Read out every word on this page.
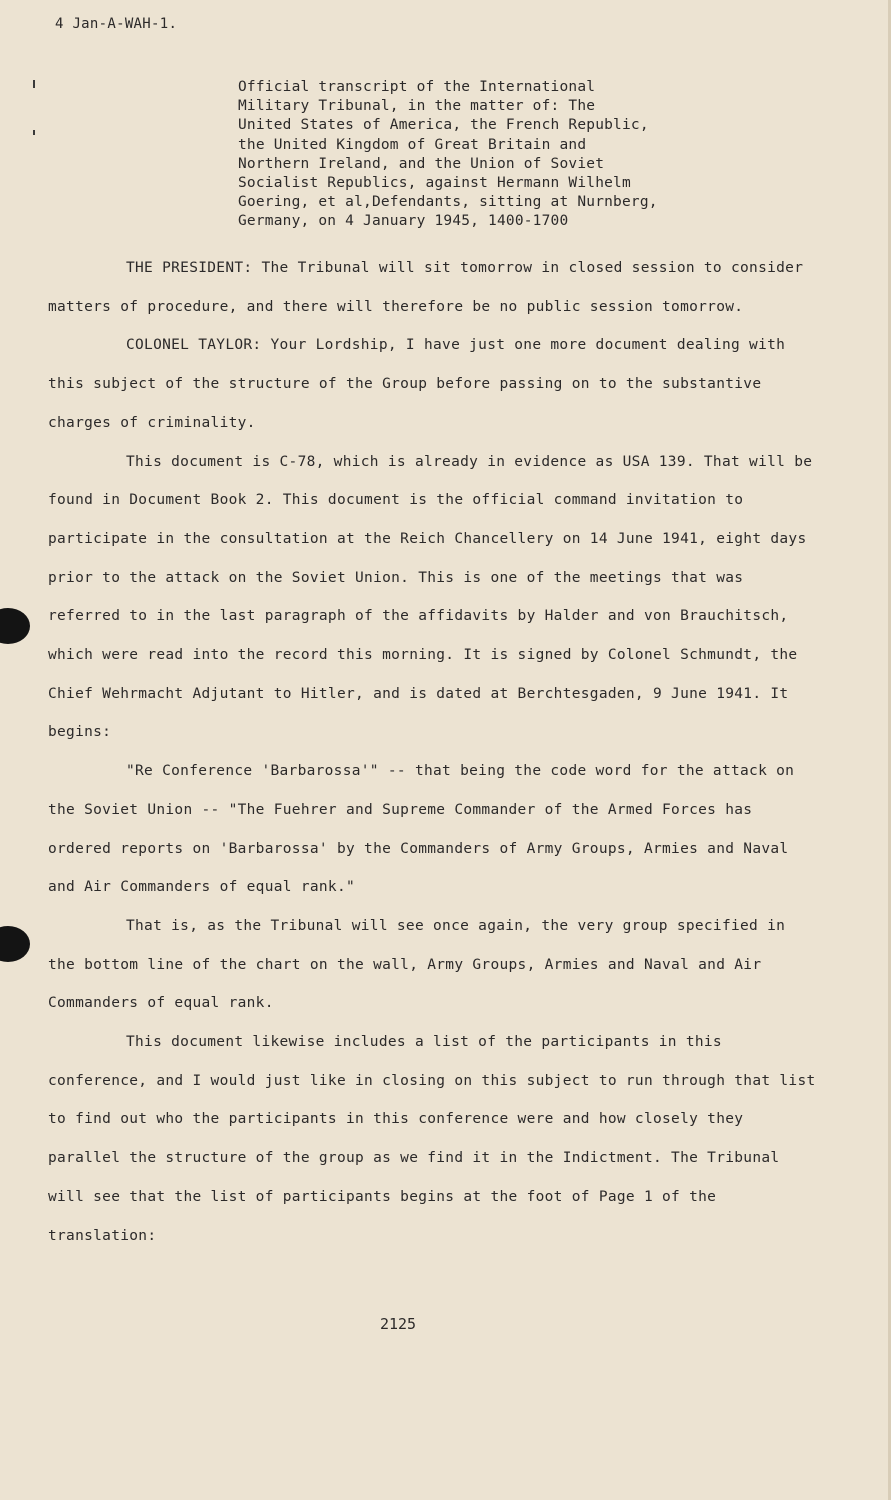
4 Jan-A-WAH-1.
Official transcript of the International
Military Tribunal, in the matter of: The
United States of America, the French Republic,
the United Kingdom of Great Britain and
Northern Ireland, and the Union of Soviet
Socialist Republics, against Hermann Wilhelm
Goering, et al,Defendants, sitting at Nurnberg,
Germany, on 4 January 1945, 1400-1700

THE PRESIDENT: The Tribunal will sit tomorrow in closed session to consider matters of procedure, and there will therefore be no public session tomorrow.

COLONEL TAYLOR: Your Lordship, I have just one more document dealing with this subject of the structure of the Group before passing on to the substantive charges of criminality.

This document is C-78, which is already in evidence as USA 139. That will be found in Document Book 2. This document is the official command invitation to participate in the consultation at the Reich Chancellery on 14 June 1941, eight days prior to the attack on the Soviet Union. This is one of the meetings that was referred to in the last paragraph of the affidavits by Halder and von Brauchitsch, which were read into the record this morning. It is signed by Colonel Schmundt, the Chief Wehrmacht Adjutant to Hitler, and is dated at Berchtesgaden, 9 June 1941. It begins:

"Re Conference 'Barbarossa'" -- that being the code word for the attack on the Soviet Union -- "The Fuehrer and Supreme Commander of the Armed Forces has ordered reports on 'Barbarossa' by the Commanders of Army Groups, Armies and Naval and Air Commanders of equal rank."

That is, as the Tribunal will see once again, the very group specified in the bottom line of the chart on the wall, Army Groups, Armies and Naval and Air Commanders of equal rank.

This document likewise includes a list of the participants in this conference, and I would just like in closing on this subject to run through that list to find out who the participants in this conference were and how closely they parallel the structure of the group as we find it in the Indictment. The Tribunal will see that the list of participants begins at the foot of Page 1 of the translation:

2125
